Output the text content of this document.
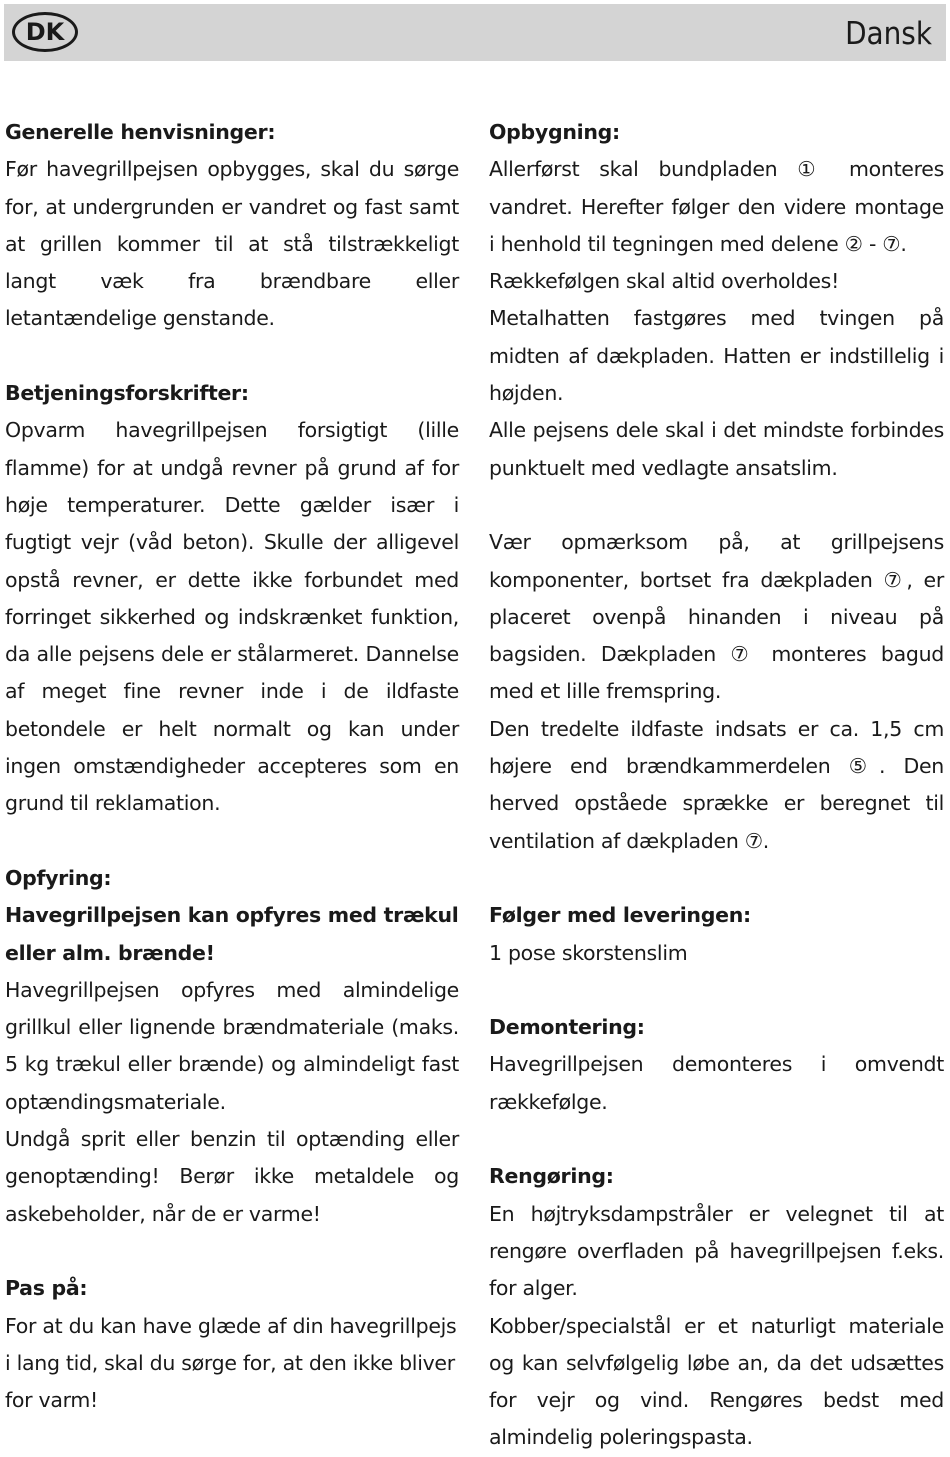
DK	Dansk
Generelle henvisninger:

Før havegrillpejsen opbygges, skal du sørge for, at undergrunden er vandret og fast samt at grillen kommer til at stå tilstrækkeligt langt væk fra brændbare eller letantændelige genstande.

Betjeningsforskrifter:

Opvarm havegrillpejsen forsigtigt (lille flamme) for at undgå revner på grund af for høje temperaturer. Dette gælder især i fugtigt vejr (våd beton). Skulle der alligevel opstå revner, er dette ikke forbundet med forringet sikkerhed og indskrænket funktion, da alle pejsens dele er stålarmeret. Dannelse af meget fine revner inde i de ildfaste betondele er helt normalt og kan under ingen omstændigheder accepteres som en grund til reklamation.

Opfyring:
Havegrillpejsen kan opfyres med trækul eller alm. brænde!

Havegrillpejsen opfyres med almindelige grillkul eller lignende brændmateriale (maks. 5 kg trækul eller brænde) og almindeligt fast optændingsmateriale.

Undgå sprit eller benzin til optænding eller genoptænding! Berør ikke metaldele og askebeholder, når de er varme!

Pas på:

For at du kan have glæde af din havegrillpejs i lang tid, skal du sørge for, at den ikke bliver for varm!

Opbygning:

Allerførst skal bundpladen ① monteres vandret. Herefter følger den videre montage i henhold til tegningen med delene ② - ⑦.

Rækkefølgen skal altid overholdes!

Metalhatten fastgøres med tvingen på midten af dækpladen. Hatten er indstillelig i højden.

Alle pejsens dele skal i det mindste forbindes punktuelt med vedlagte ansatslim.

Vær opmærksom på, at grillpejsens komponenter, bortset fra dækpladen ⑦, er placeret ovenpå hinanden i niveau på bagsiden. Dækpladen ⑦ monteres bagud med et lille fremspring.

Den tredelte ildfaste indsats er ca. 1,5 cm højere end brændkammerdelen ⑤. Den herved opståede sprække er beregnet til ventilation af dækpladen ⑦.

Følger med leveringen:

1 pose skorstenslim

Demontering:

Havegrillpejsen demonteres i omvendt rækkefølge.

Rengøring:

En højtryksdampstråler er velegnet til at rengøre overfladen på havegrillpejsen f.eks. for alger.

Kobber/specialstål er et naturligt materiale og kan selvfølgelig løbe an, da det udsættes for vejr og vind. Rengøres bedst med almindelig poleringspasta.
